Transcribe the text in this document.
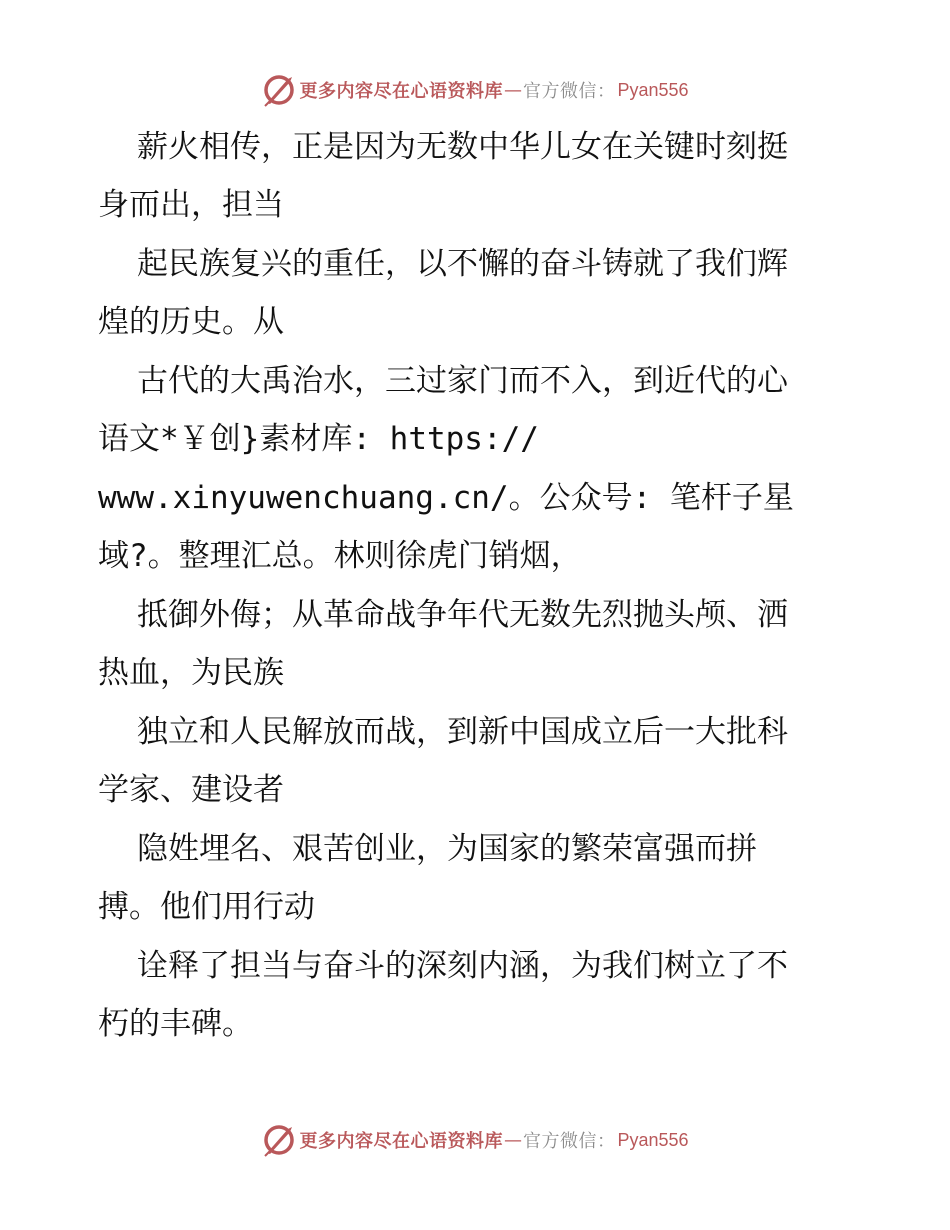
更多内容尽在心语资料库 — 官方微信： Pyan556
薪火相传，正是因为无数中华儿女在关键时刻挺
身而出，担当
起民族复兴的重任，以不懈的奋斗铸就了我们辉
煌的历史。从
古代的大禹治水，三过家门而不入，到近代的心
语文*￥创}素材库: https://
www.xinyuwenchuang.cn/。公众号: 笔杆子星
域?。整理汇总。林则徐虎门销烟，
抵御外侮；从革命战争年代无数先烈抛头颅、洒
热血，为民族
独立和人民解放而战，到新中国成立后一大批科
学家、建设者
隐姓埋名、艰苦创业，为国家的繁荣富强而拼
搏。他们用行动
诠释了担当与奋斗的深刻内涵，为我们树立了不
朽的丰碑。
更多内容尽在心语资料库 — 官方微信： Pyan556
